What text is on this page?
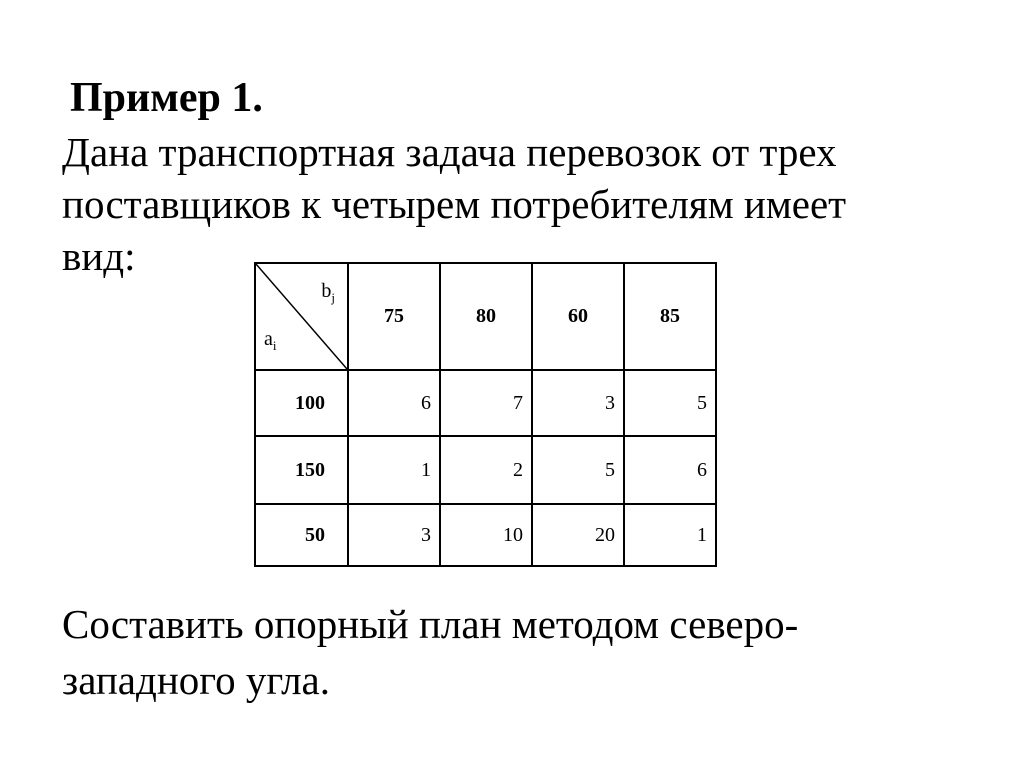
Пример 1.
Дана транспортная задача перевозок от трех
поставщиков к четырем потребителям имеет
вид:
$b_j$
$a_i$	75	80	60	85
100	6	7	3	5
150	1	2	5	6
50	3	10	20	1
Составить опорный план методом северо-
западного угла.
